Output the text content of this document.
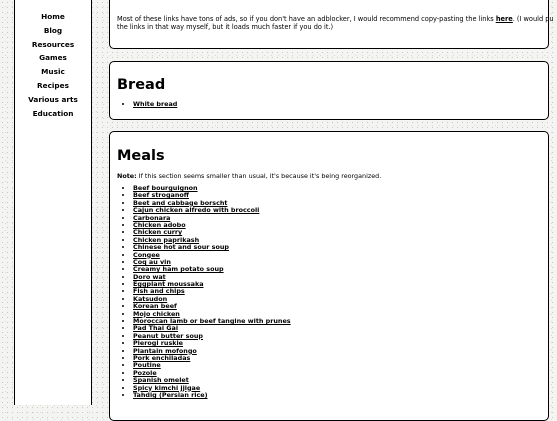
Home
Blog
Resources
Games
Music
Recipes
Various arts
Education

Most of these links have tons of ads, so if you don't have an adblocker, I would recommend copy-pasting the links here. (I would pu
the links in that way myself, but it loads much faster if you do it.)

Bread
• White bread
Meals

Note: If this section seems smaller than usual, it's because it's being reorganized.

• Beef bourguignon
• Beef stroganoff
• Beet and cabbage borscht
• Cajun chicken alfredo with broccoli
• Carbonara
• Chicken adobo
• Chicken curry
• Chicken paprikash
• Chinese hot and sour soup
• Congee
• Coq au vin
• Creamy ham potato soup
• Doro wat
• Eggplant moussaka
• Fish and chips
• Katsudon
• Korean beef
• Mojo chicken
• Moroccan lamb or beef tangine with prunes
• Pad Thai Gai
• Peanut butter soup
• Pierogi ruskie
• Plantain mofongo
• Pork enchiladas
• Poutine
• Pozole
• Spanish omelet
• Spicy kimchi jjigae
• Tahdig (Persian rice)
